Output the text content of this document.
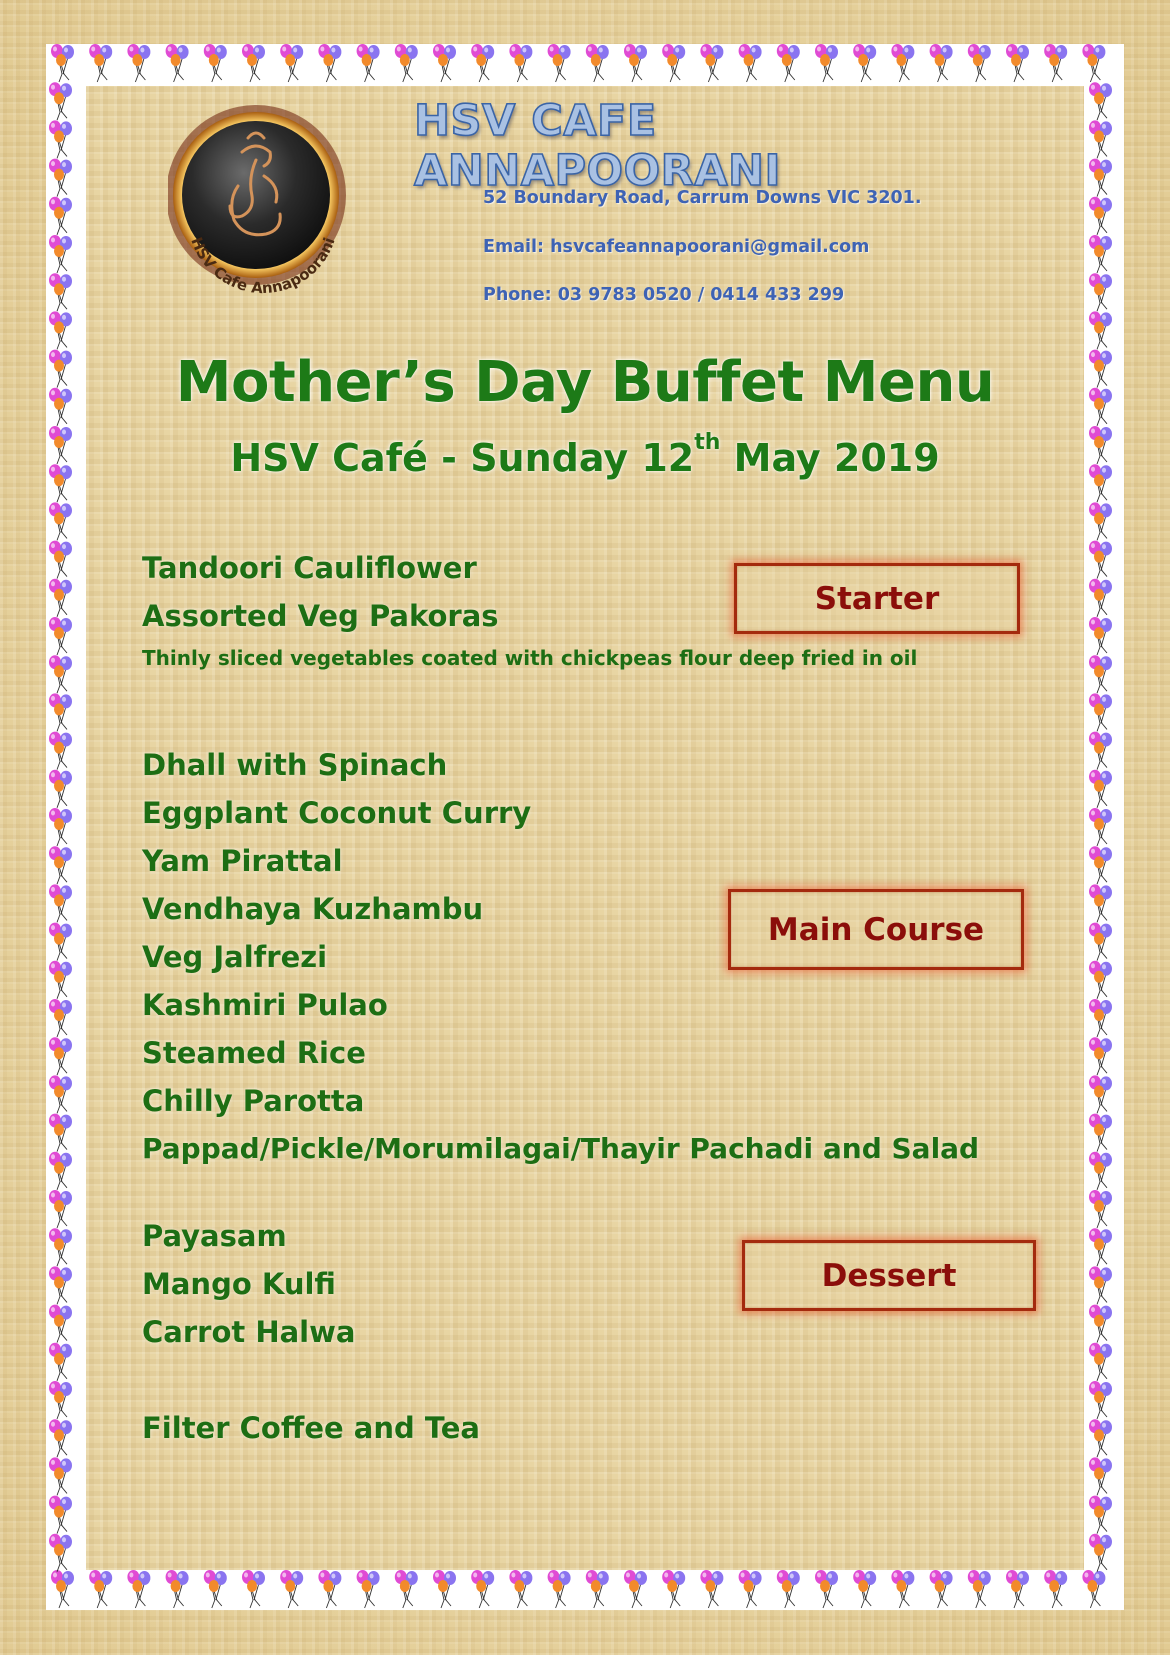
HSV Cafe Annapoorani
HSV CAFE ANNAPOORANI
52 Boundary Road, Carrum Downs VIC 3201.
Email: hsvcafeannapoorani@gmail.com
Phone: 03 9783 0520 / 0414 433 299
Mother’s Day Buffet Menu
HSV Café - Sunday 12th May 2019
Tandoori Cauliflower
Assorted Veg Pakoras
Thinly sliced vegetables coated with chickpeas flour deep fried in oil
Starter
Dhall with Spinach
Eggplant Coconut Curry
Yam Pirattal
Vendhaya Kuzhambu
Veg Jalfrezi
Kashmiri Pulao
Steamed Rice
Chilly Parotta
Pappad/Pickle/Morumilagai/Thayir Pachadi and Salad
Main Course
Payasam
Mango Kulfi
Carrot Halwa
Dessert
Filter Coffee and Tea
